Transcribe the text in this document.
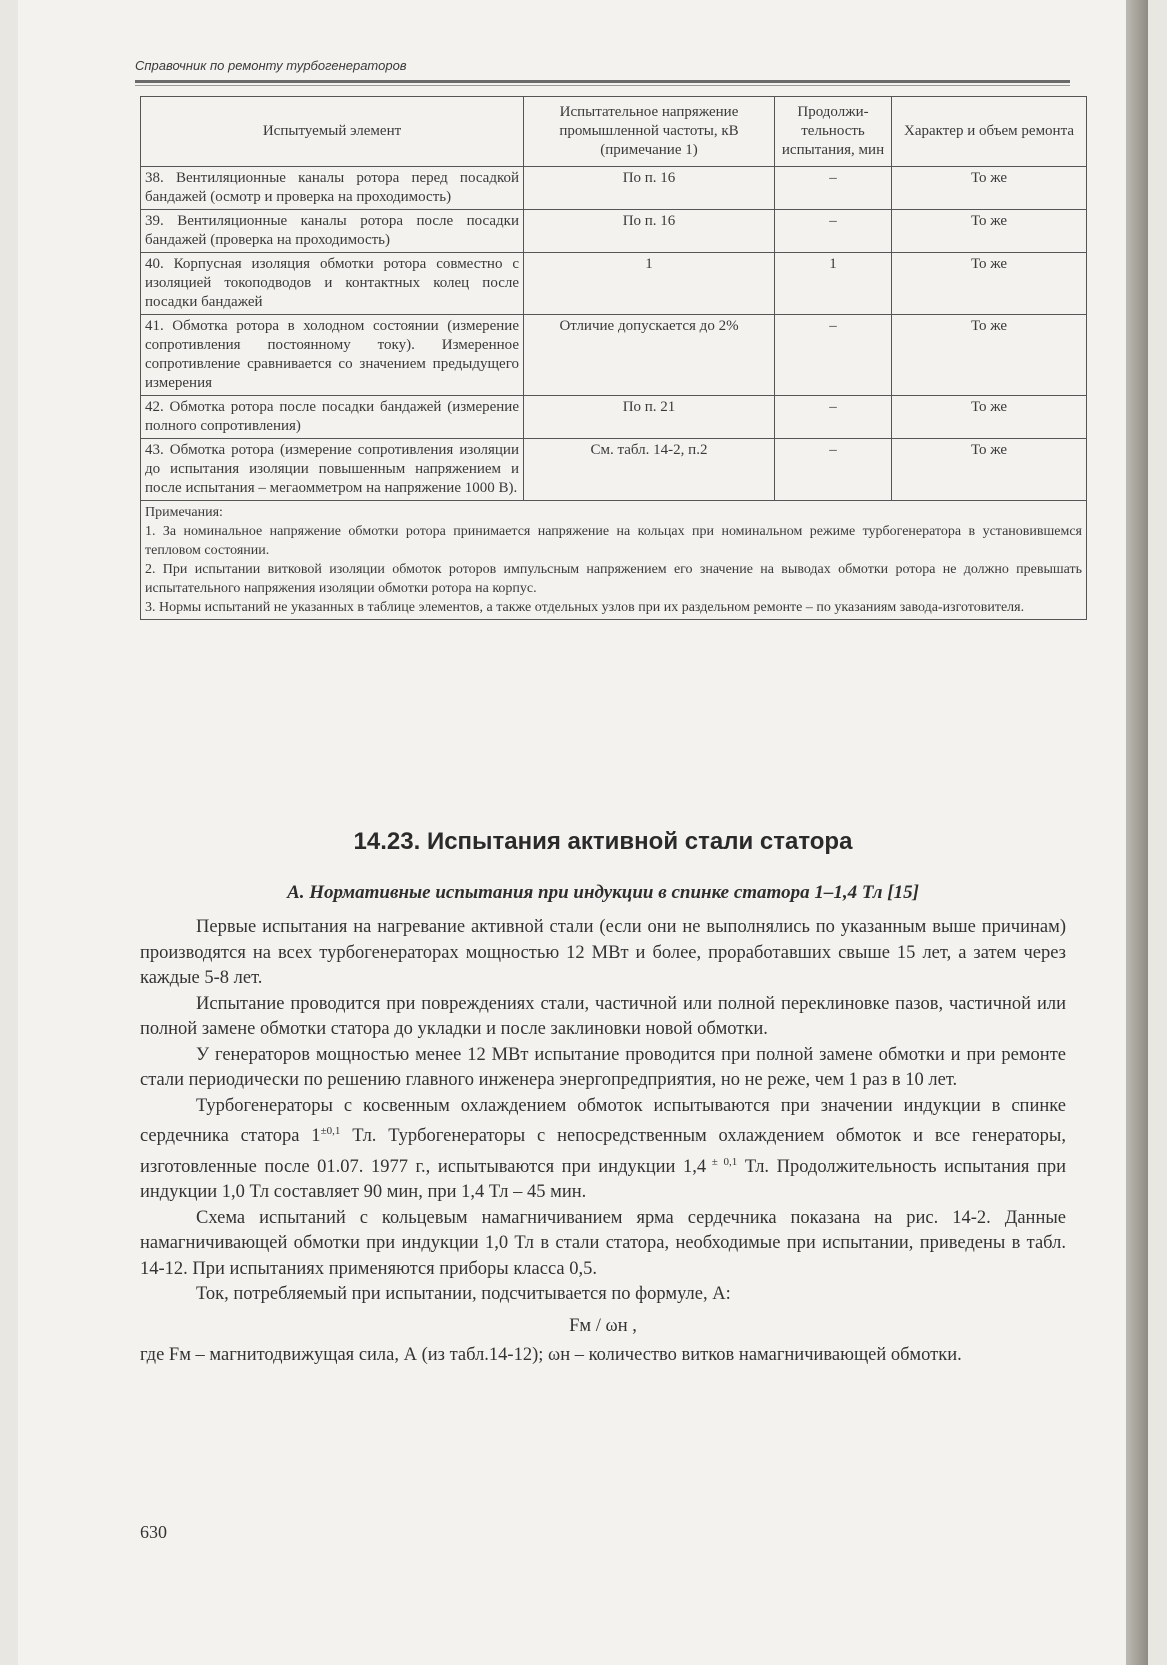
Справочник по ремонту турбогенераторов
Испытуемый элемент	Испытательное напряжение промышленной частоты, кВ (примечание 1)	Продолжи-тельность испытания, мин	Характер и объем ремонта
38. Вентиляционные каналы ротора перед посадкой бандажей (осмотр и проверка на проходимость)	По п. 16	–	То же
39. Вентиляционные каналы ротора после посадки бандажей (проверка на проходимость)	По п. 16	–	То же
40. Корпусная изоляция обмотки ротора совместно с изоляцией токоподводов и контактных колец после посадки бандажей	1	1	То же
41. Обмотка ротора в холодном состоянии (измерение сопротивления постоянному току). Измеренное сопротивление сравнивается со значением предыдущего измерения	Отличие допускается до 2%	–	То же
42. Обмотка ротора после посадки бандажей (измерение полного сопротивления)	По п. 21	–	То же
43. Обмотка ротора (измерение сопротивления изоляции до испытания изоляции повышенным напряжением и после испытания – мегаомметром на напряжение 1000 В).	См. табл. 14-2, п.2	–	То же

Примечания:
1. За номинальное напряжение обмотки ротора принимается напряжение на кольцах при номинальном режиме турбогенератора в установившемся тепловом состоянии.
2. При испытании витковой изоляции обмоток роторов импульсным напряжением его значение на выводах обмотки ротора не должно превышать испытательного напряжения изоляции обмотки ротора на корпус.
3. Нормы испытаний не указанных в таблице элементов, а также отдельных узлов при их раздельном ремонте – по указаниям завода-изготовителя.			
14.23. Испытания активной стали статора
А. Нормативные испытания при индукции в спинке статора 1–1,4 Тл [15]

Первые испытания на нагревание активной стали (если они не выполнялись по указанным выше причинам) производятся на всех турбогенераторах мощностью 12 МВт и более, проработавших свыше 15 лет, а затем через каждые 5-8 лет.

Испытание проводится при повреждениях стали, частичной или полной переклиновке пазов, частичной или полной замене обмотки статора до укладки и после заклиновки новой обмотки.

У генераторов мощностью менее 12 МВт испытание проводится при полной замене обмотки и при ремонте стали периодически по решению главного инженера энергопредприятия, но не реже, чем 1 раз в 10 лет.

Турбогенераторы с косвенным охлаждением обмоток испытываются при значении индукции в спинке сердечника статора $1^{\pm 0,1}$ Тл. Турбогенераторы с непосредственным охлаждением обмоток и все генераторы, изготовленные после 01.07. 1977 г., испытываются при индукции 1,4 $^{\pm 0,1}$ Тл. Продолжительность испытания при индукции 1,0 Тл составляет 90 мин, при 1,4 Тл – 45 мин.

Схема испытаний с кольцевым намагничиванием ярма сердечника показана на рис. 14-2. Данные намагничивающей обмотки при индукции 1,0 Тл в стали статора, необходимые при испытании, приведены в табл. 14-12. При испытаниях применяются приборы класса 0,5.

Ток, потребляемый при испытании, подсчитывается по формуле, А:

Fм / ωн ,

где Fм – магнитодвижущая сила, А (из табл.14-12); ωн – количество витков намагничивающей обмотки.

630
